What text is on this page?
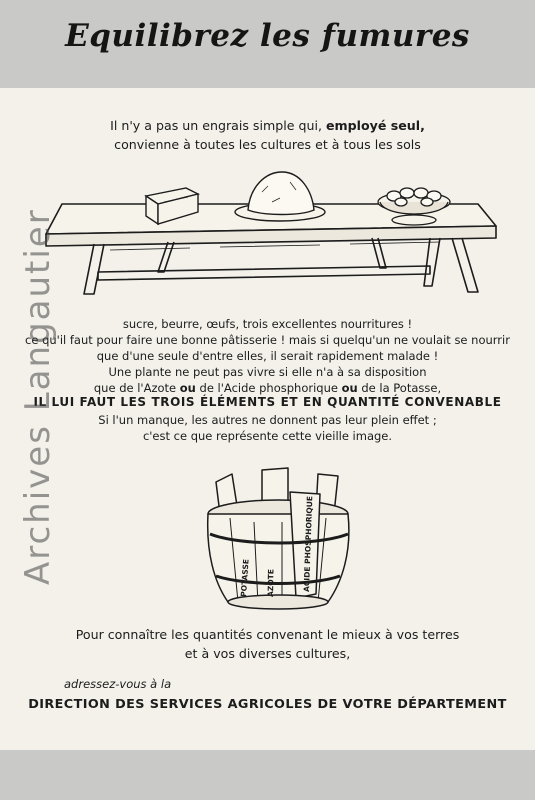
Equilibrez les fumures
Il n'y a pas un engrais simple qui, employé seul,
convienne à toutes les cultures et à tous les sols
sucre, beurre, œufs, trois excellentes nourritures !
ce qu'il faut pour faire une bonne pâtisserie ! mais si quelqu'un ne voulait se nourrir
que d'une seule d'entre elles, il serait rapidement malade !
Une plante ne peut pas vivre si elle n'a à sa disposition
que de l'Azote ou de l'Acide phosphorique ou de la Potasse,
IL LUI FAUT LES TROIS ÉLÉMENTS ET EN QUANTITÉ CONVENABLE
Si l'un manque, les autres ne donnent pas leur plein effet ;
c'est ce que représente cette vieille image.
POTASSE AZOTE	ACIDE PHOSPHORIQUE
Pour connaître les quantités convenant le mieux à vos terres
et à vos diverses cultures,
adressez-vous à la
DIRECTION DES SERVICES AGRICOLES DE VOTRE DÉPARTEMENT
Archives Langautier
